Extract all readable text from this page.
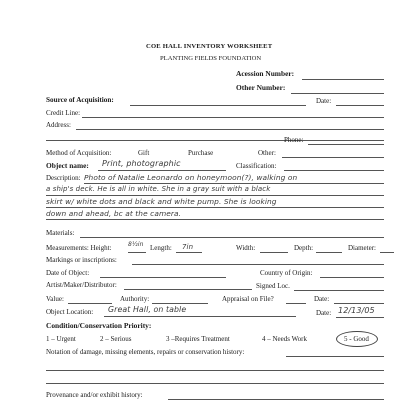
COE HALL INVENTORY WORKSHEET
PLANTING FIELDS FOUNDATION
Acession Number:
Other Number:
Source of Acquisition:	Date:
Credit Line:
Address:
Phone:
Method of Acquisition:	Gift	Purchase	Other:
Object name: Print, photographic	Classification:
Description: Photo of Natalie Leonardo on honeymoon(?), walking on
a ship's deck. He is all in white. She in a gray suit with a black
skirt w/ white dots and black and white pump. She is looking
down and ahead, bc at the camera.
Materials:
Measurements: Height:	8½in Length: 7in	Width:	Depth:	Diameter:
Markings or inscriptions:
Date of Object:	Country of Origin:
Artist/Maker/Distributor:	Signed Loc.
Value:	Authority:	Appraisal on File?	Date:
Object Location: Great Hall, on table	Date: 12/13/05
Condition/Conservation Priority:
1 – Urgent	2 – Serious	3 –Requires Treatment	4 – Needs Work	5 - Good
Notation of damage, missing elements, repairs or conservation history:
Provenance and/or exhibit history:
